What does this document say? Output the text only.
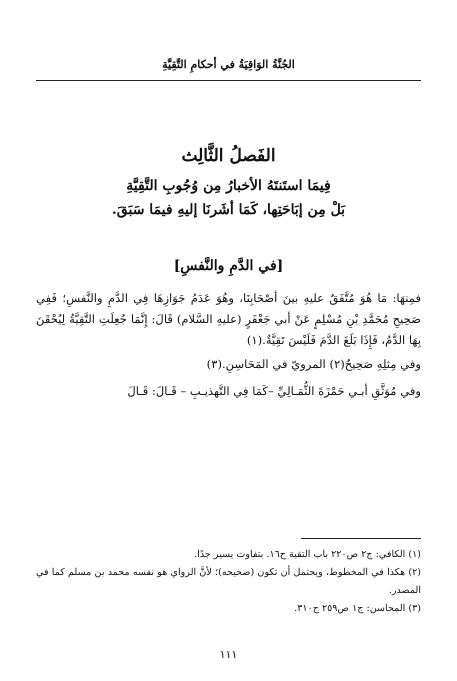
الجُنَّةُ الوَاقِيَةُ في أحكامِ التَّقِيَّةِ
الفَصلُ الثَّالِث
فِيمَا استَنتَهُ الأخبارُ مِن وُجُوبِ التَّقِيَّةِ
بَلْ مِن إبَاحَتِها، كَمَا أشَرنَا إليهِ فيمَا سَبَقَ.
[في الدَّمِ والنَّفسِ]

فمِنهَا: مَا هُوَ مُتَّفَقٌ عليهِ بينَ أصْحَابِنَا، وهُوَ عَدَمُ جَوَازِهَا فِي الدَّمِ والنَّفسِ؛ فَفِي صَحِيحِ مُحَمَّدِ بْنِ مُسْلِمٍ عَنْ أبي جَعْفَرٍ (عليهِ السَّلام) قَالَ: إِنَّمَا جُعِلَتِ التَّقِيَّةُ لِيُحْقَنَ بِهَا الدَّمُ، فَإِذَا بَلَغَ الدَّمَ فَلَيْسَ تَقِيَّةٌ.(١)

وفي مِثلِهِ صَحِيحٌ(٢) المرويّ في المَحَاسِنِ.(٣)

وفي مُوَثَّقِ أبـي حَمْزَةَ الثُّمَـالِيِّ –كَمَا فِي التَّهذيـبِ – قَـالَ: قَـالَ

(١) الكافي: ج٢ ص٢٢٠ باب التقية ح١٦. بتفاوت يسير جدًا.

(٢) هكذا في المخطوط، ويحتمل أن تكون (صحيحه)؛ لأنَّ الرواي هو نفسه محمد بن مسلم كما في المصدر.

(٣) المحاسن: ج١ ص٢٥٩ ح٣١٠.

١١١
